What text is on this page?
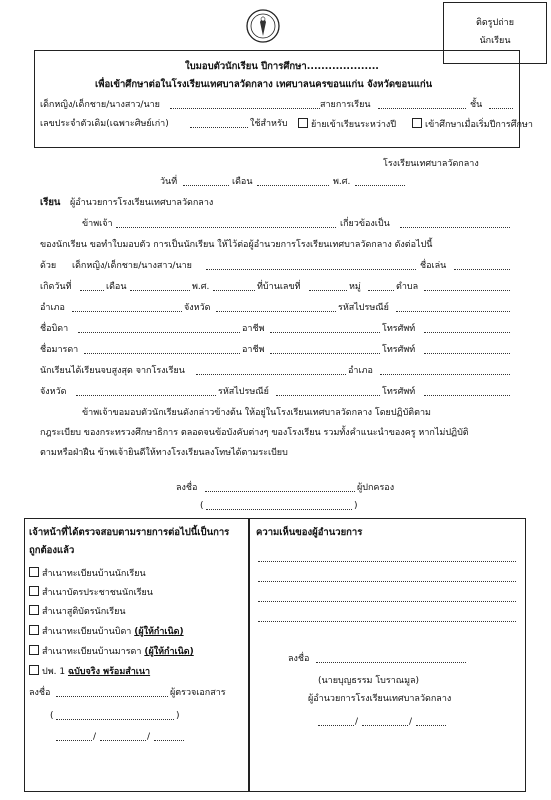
ติดรูปถ่าย
นักเรียน
ใบมอบตัวนักเรียน ปีการศึกษา....................
เพื่อเข้าศึกษาต่อในโรงเรียนเทศบาลวัดกลาง เทศบาลนครขอนแก่น จังหวัดขอนแก่น
เด็กหญิง/เด็กชาย/นางสาว/นาย	สายการเรียน	ชั้น
เลขประจำตัวเดิม(เฉพาะศิษย์เก่า)	ใช้สำหรับ	ย้ายเข้าเรียนระหว่างปี	เข้าศึกษาเมื่อเริ่มปีการศึกษา
โรงเรียนเทศบาลวัดกลาง
วันที่	เดือน	พ.ศ.
เรียน ผู้อำนวยการโรงเรียนเทศบาลวัดกลาง
ข้าพเจ้า	เกี่ยวข้องเป็น
ของนักเรียน ขอทำใบมอบตัว การเป็นนักเรียน ให้ไว้ต่อผู้อำนวยการโรงเรียนเทศบาลวัดกลาง ดังต่อไปนี้
ด้วย เด็กหญิง/เด็กชาย/นางสาว/นาย	ชื่อเล่น
เกิดวันที่	เดือน	พ.ศ.	ที่บ้านเลขที่	หมู่	ตำบล
อำเภอ	จังหวัด	รหัสไปรษณีย์
ชื่อบิดา	อาชีพ	โทรศัพท์
ชื่อมารดา	อาชีพ	โทรศัพท์
นักเรียนได้เรียนจบสูงสุด จากโรงเรียน	อำเภอ
จังหวัด	รหัสไปรษณีย์	โทรศัพท์
ข้าพเจ้าขอมอบตัวนักเรียนดังกล่าวข้างต้น ให้อยู่ในโรงเรียนเทศบาลวัดกลาง โดยปฏิบัติตาม
กฎระเบียบ ของกระทรวงศึกษาธิการ ตลอดจนข้อบังคับต่างๆ ของโรงเรียน รวมทั้งคำแนะนำของครู หากไม่ปฏิบัติ
ตามหรือฝ่าฝืน ข้าพเจ้ายินดีให้ทางโรงเรียนลงโทษได้ตามระเบียบ
ลงชื่อ	ผู้ปกครอง
(	)
เจ้าหน้าที่ได้ตรวจสอบตามรายการต่อไปนี้เป็นการ
ถูกต้องแล้ว
สำเนาทะเบียนบ้านนักเรียน
สำเนาบัตรประชาชนนักเรียน
สำเนาสูติบัตรนักเรียน
สำเนาทะเบียนบ้านบิดา (ผู้ให้กำเนิด)
สำเนาทะเบียนบ้านมารดา (ผู้ให้กำเนิด)
ปพ. 1 ฉบับจริง พร้อมสำเนา
ลงชื่อ	ผู้ตรวจเอกสาร
(	)
/	/
ความเห็นของผู้อำนวยการ
ลงชื่อ
(นายบุญธรรม โบราณมูล)
ผู้อำนวยการโรงเรียนเทศบาลวัดกลาง
/	/
